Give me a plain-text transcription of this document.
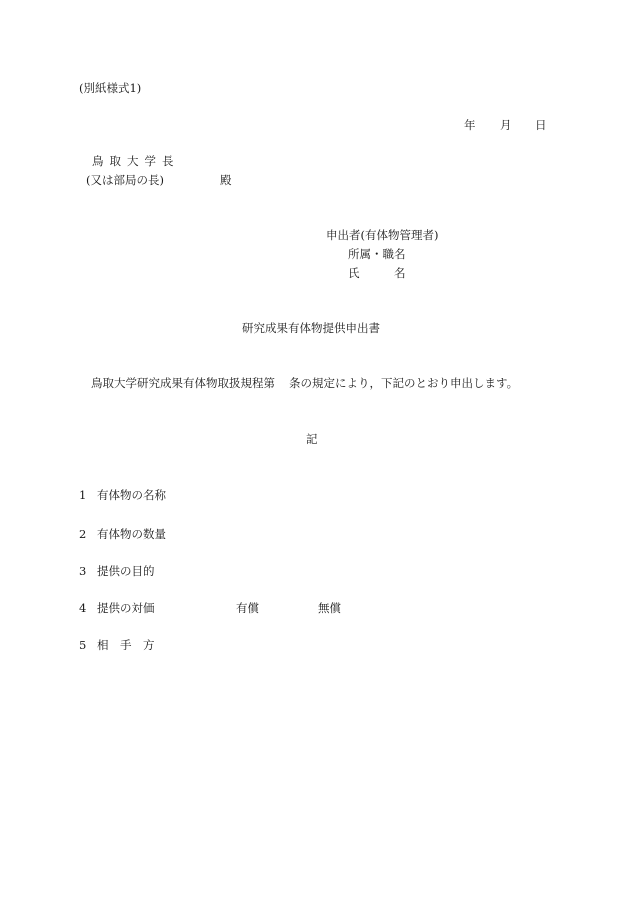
(別紙様式1)
年 月 日
鳥取大学長
(又は部局の長)	殿
申出者(有体物管理者)
所属・職名
氏　　　名
研究成果有体物提供申出書
鳥取大学研究成果有体物取扱規程第 条の規定により，下記のとおり申出します。
記
1 有体物の名称
2 有体物の数量
3 提供の目的
4 提供の対価	有償	無償
5 相　手　方
